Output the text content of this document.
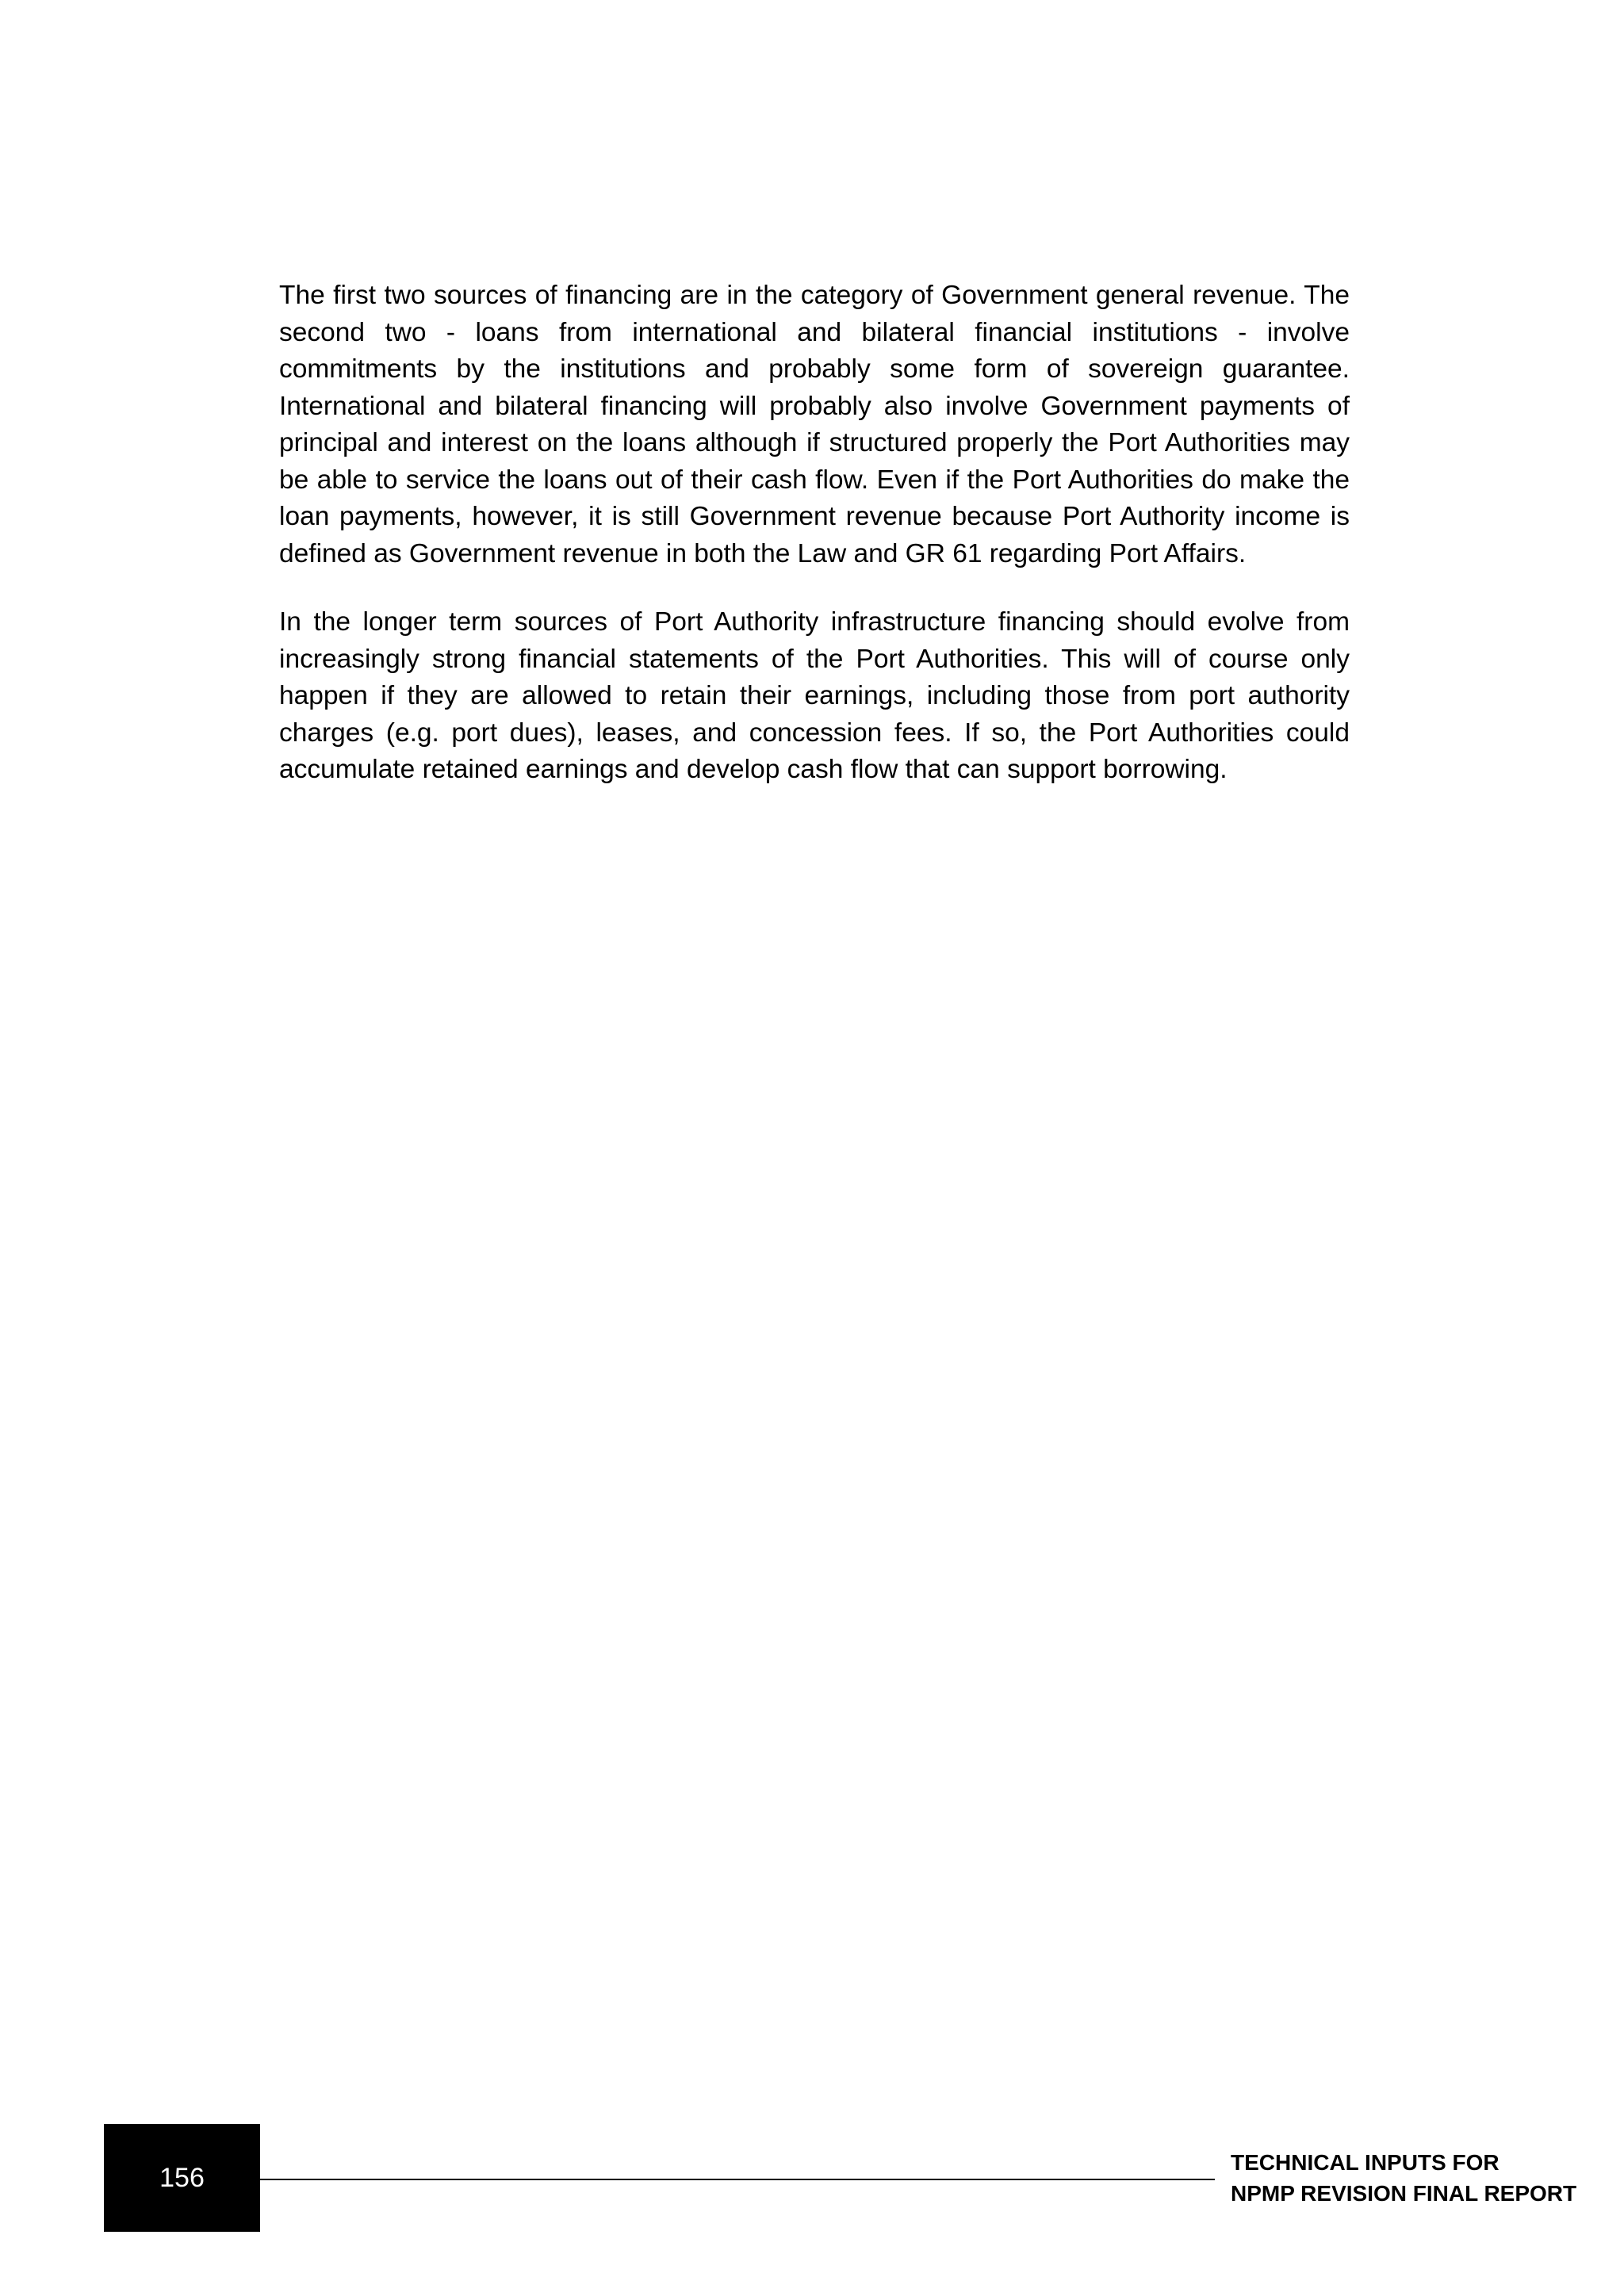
The first two sources of financing are in the category of Government general revenue. The second two - loans from international and bilateral financial institutions - involve commitments by the institutions and probably some form of sovereign guarantee. International and bilateral financing will probably also involve Government payments of principal and interest on the loans although if structured properly the Port Authorities may be able to service the loans out of their cash flow. Even if the Port Authorities do make the loan payments, however, it is still Government revenue because Port Authority income is defined as Government revenue in both the Law and GR 61 regarding Port Affairs.

In the longer term sources of Port Authority infrastructure financing should evolve from increasingly strong financial statements of the Port Authorities. This will of course only happen if they are allowed to retain their earnings, including those from port authority charges (e.g. port dues), leases, and concession fees. If so, the Port Authorities could accumulate retained earnings and develop cash flow that can support borrowing.

156	TECHNICAL INPUTS FOR
NPMP REVISION FINAL REPORT
